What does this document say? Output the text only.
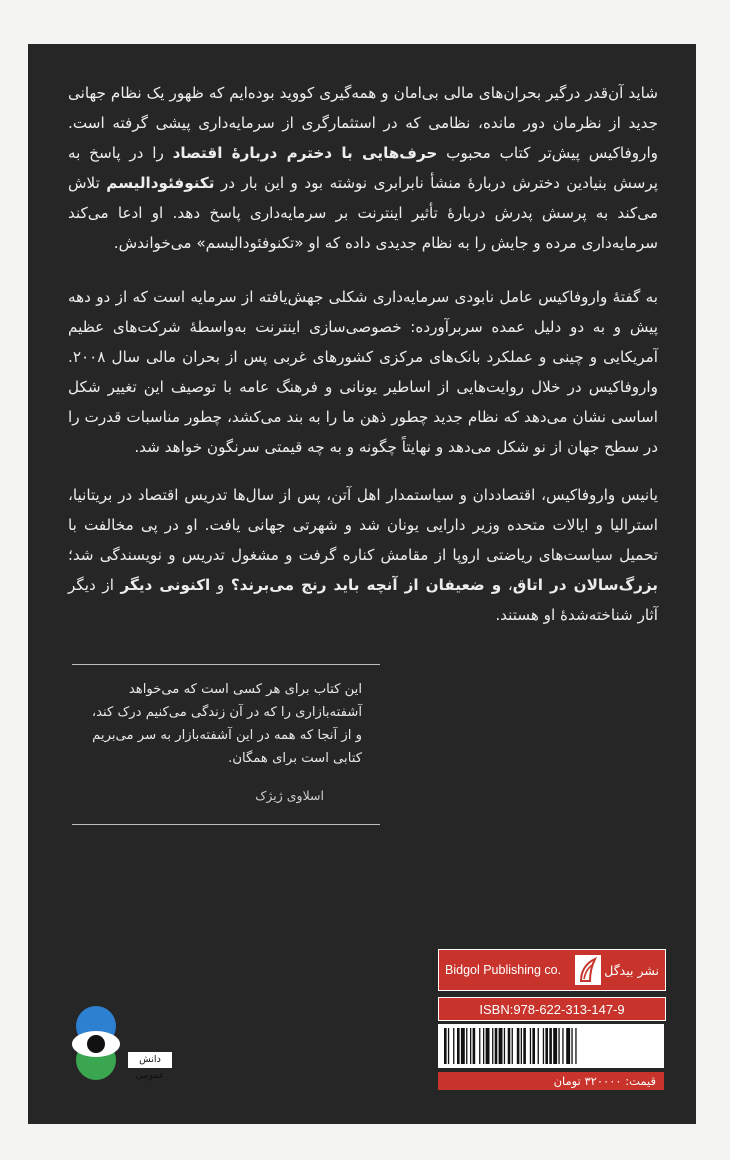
شاید آن‌قدر درگیر بحران‌های مالی بی‌امان و همه‌گیری کووید بوده‌ایم که ظهور یک نظام جهانی جدید از نظرمان دور مانده، نظامی که در استثمارگری از سرمایه‌داری پیشی گرفته است. واروفاکیس پیش‌تر کتاب محبوب حرف‌هایی با دخترم دربارهٔ اقتصاد را در پاسخ به پرسش بنیادین دخترش دربارهٔ منشأ نابرابری نوشته بود و این بار در تکنوفئودالیسم تلاش می‌کند به پرسش پدرش دربارهٔ تأثیر اینترنت بر سرمایه‌داری پاسخ دهد. او ادعا می‌کند سرمایه‌داری مرده و جایش را به نظام جدیدی داده که او «تکنوفئودالیسم» می‌خواندش.
به گفتهٔ واروفاکیس عامل نابودی سرمایه‌داری شکلی جهش‌یافته از سرمایه است که از دو دهه پیش و به دو دلیل عمده سربرآورده: خصوصی‌سازی اینترنت به‌واسطهٔ شرکت‌های عظیم آمریکایی و چینی و عملکرد بانک‌های مرکزی کشورهای غربی پس از بحران مالی سال ۲۰۰۸. واروفاکیس در خلال روایت‌هایی از اساطیر یونانی و فرهنگ عامه با توصیف این تغییر شکل اساسی نشان می‌دهد که نظام جدید چطور ذهن ما را به بند می‌کشد، چطور مناسبات قدرت را در سطح جهان از نو شکل می‌دهد و نهایتاً چگونه و به چه قیمتی سرنگون خواهد شد.
یانیس واروفاکیس، اقتصاددان و سیاستمدار اهل آتن، پس از سال‌ها تدریس اقتصاد در بریتانیا، استرالیا و ایالات متحده وزیر دارایی یونان شد و شهرتی جهانی یافت. او در پی مخالفت با تحمیل سیاست‌های ریاضتی اروپا از مقامش کناره گرفت و مشغول تدریس و نویسندگی شد؛ بزرگ‌سالان در اتاق، و ضعیفان از آنچه باید رنج می‌برند؟ و اکنونی دیگر از دیگر آثار شناخته‌شدهٔ او هستند.
این کتاب برای هر کسی است که می‌خواهد
آشفته‌بازاری را که در آن زندگی می‌کنیم درک کند،
و از آنجا که همه در این آشفته‌بازار به سر می‌بریم
کتابی است برای همگان.
اسلاوی ژیژک
دانش عمومی
Bidgol Publishing co.	نشر بیدگل
ISBN:978-622-313-147-9
قیمت: ۳۲۰۰۰۰ تومان
